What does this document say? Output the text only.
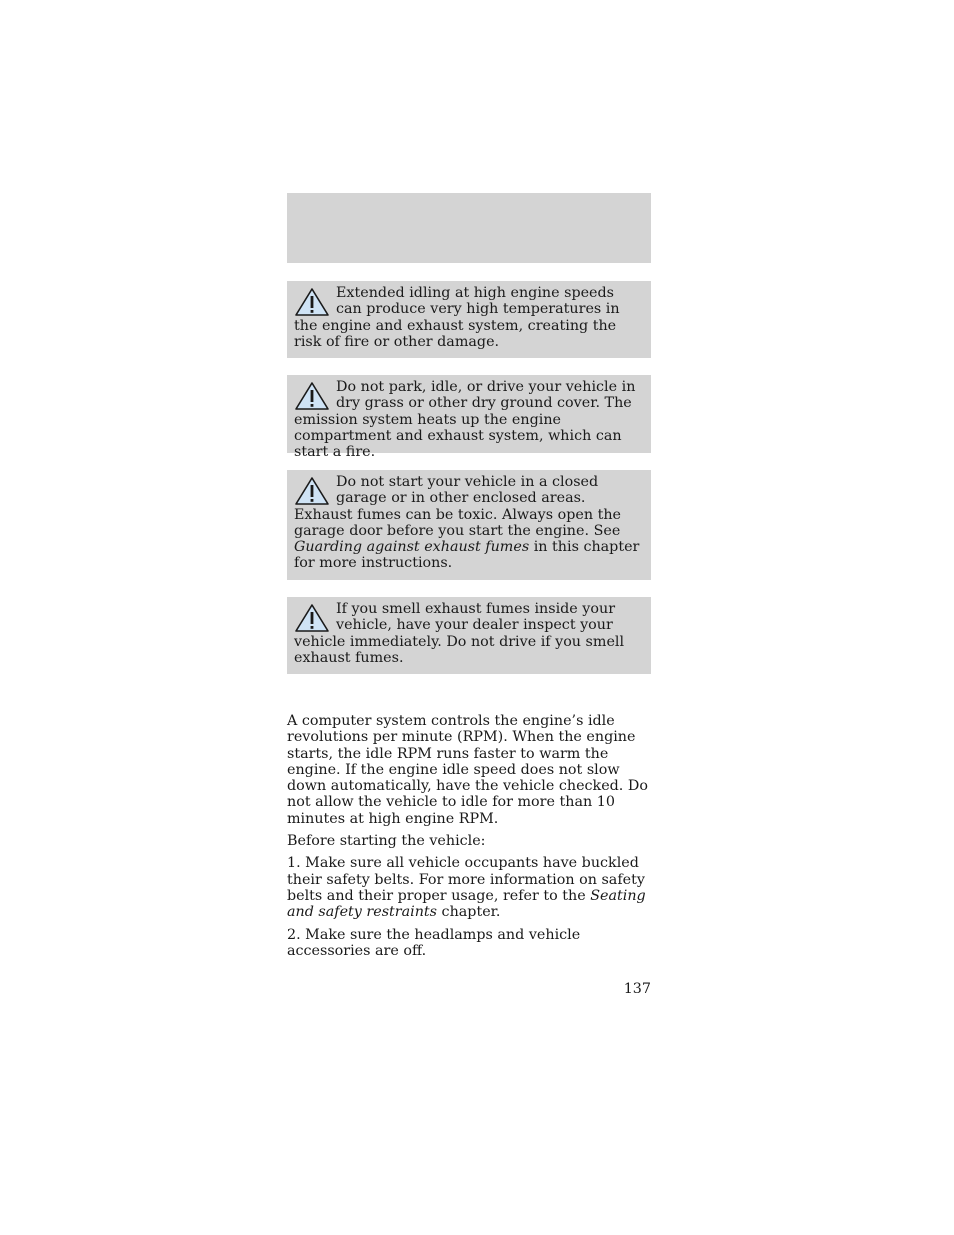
Extended idling at high engine speeds can produce very high temperatures in the engine and exhaust system, creating the risk of fire or other damage.

Do not park, idle, or drive your vehicle in dry grass or other dry ground cover. The emission system heats up the engine compartment and exhaust system, which can start a fire.

Do not start your vehicle in a closed garage or in other enclosed areas. Exhaust fumes can be toxic. Always open the garage door before you start the engine. See Guarding against exhaust fumes in this chapter for more instructions.

If you smell exhaust fumes inside your vehicle, have your dealer inspect your vehicle immediately. Do not drive if you smell exhaust fumes.

A computer system controls the engine’s idle revolutions per minute (RPM). When the engine starts, the idle RPM runs faster to warm the engine. If the engine idle speed does not slow down automatically, have the vehicle checked. Do not allow the vehicle to idle for more than 10 minutes at high engine RPM.

Before starting the vehicle:

1. Make sure all vehicle occupants have buckled their safety belts. For more information on safety belts and their proper usage, refer to the Seating and safety restraints chapter.

2. Make sure the headlamps and vehicle accessories are off.

137
